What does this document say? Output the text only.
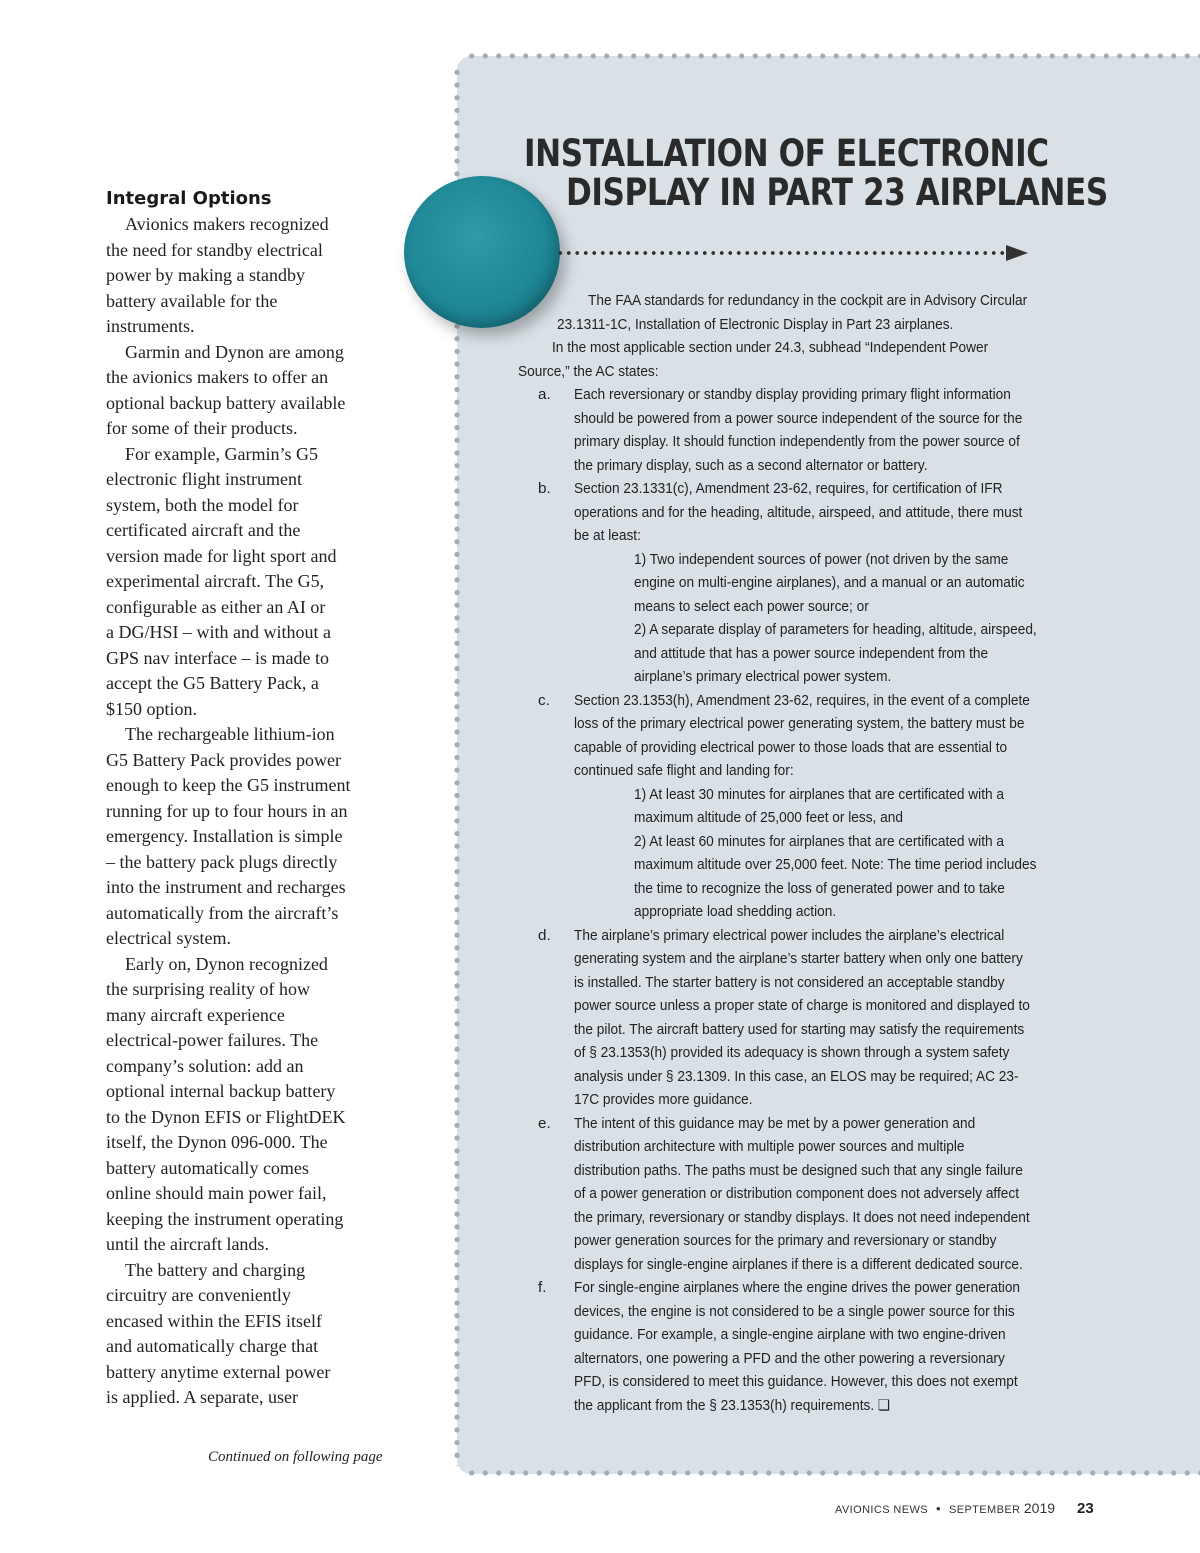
INSTALLATION OF ELECTRONIC
DISPLAY IN PART 23 AIRPLANES
The FAA standards for redundancy in the cockpit are in Advisory Circular
23.1311-1C, Installation of Electronic Display in Part 23 airplanes.
In the most applicable section under 24.3, subhead “Independent Power
Source,” the AC states:
a. Each reversionary or standby display providing primary flight information
should be powered from a power source independent of the source for the
primary display. It should function independently from the power source of
the primary display, such as a second alternator or battery.
b. Section 23.1331(c), Amendment 23-62, requires, for certification of IFR
operations and for the heading, altitude, airspeed, and attitude, there must
be at least:
1) Two independent sources of power (not driven by the same
engine on multi-engine airplanes), and a manual or an automatic
means to select each power source; or
2) A separate display of parameters for heading, altitude, airspeed,
and attitude that has a power source independent from the
airplane’s primary electrical power system.
c. Section 23.1353(h), Amendment 23-62, requires, in the event of a complete
loss of the primary electrical power generating system, the battery must be
capable of providing electrical power to those loads that are essential to
continued safe flight and landing for:
1) At least 30 minutes for airplanes that are certificated with a
maximum altitude of 25,000 feet or less, and
2) At least 60 minutes for airplanes that are certificated with a
maximum altitude over 25,000 feet. Note: The time period includes
the time to recognize the loss of generated power and to take
appropriate load shedding action.
d. The airplane’s primary electrical power includes the airplane’s electrical
generating system and the airplane’s starter battery when only one battery
is installed. The starter battery is not considered an acceptable standby
power source unless a proper state of charge is monitored and displayed to
the pilot. The aircraft battery used for starting may satisfy the requirements
of § 23.1353(h) provided its adequacy is shown through a system safety
analysis under § 23.1309. In this case, an ELOS may be required; AC 23-
17C provides more guidance.
e. The intent of this guidance may be met by a power generation and
distribution architecture with multiple power sources and multiple
distribution paths. The paths must be designed such that any single failure
of a power generation or distribution component does not adversely affect
the primary, reversionary or standby displays. It does not need independent
power generation sources for the primary and reversionary or standby
displays for single-engine airplanes if there is a different dedicated source.
f. For single-engine airplanes where the engine drives the power generation
devices, the engine is not considered to be a single power source for this
guidance. For example, a single-engine airplane with two engine-driven
alternators, one powering a PFD and the other powering a reversionary
PFD, is considered to meet this guidance. However, this does not exempt
the applicant from the § 23.1353(h) requirements. ❏
Integral Options
Avionics makers recognized
the need for standby electrical
power by making a standby
battery available for the
instruments.
Garmin and Dynon are among
the avionics makers to offer an
optional backup battery available
for some of their products.
For example, Garmin’s G5
electronic flight instrument
system, both the model for
certificated aircraft and the
version made for light sport and
experimental aircraft. The G5,
configurable as either an AI or
a DG/HSI – with and without a
GPS nav interface – is made to
accept the G5 Battery Pack, a
$150 option.
The rechargeable lithium-ion
G5 Battery Pack provides power
enough to keep the G5 instrument
running for up to four hours in an
emergency. Installation is simple
– the battery pack plugs directly
into the instrument and recharges
automatically from the aircraft’s
electrical system.
Early on, Dynon recognized
the surprising reality of how
many aircraft experience
electrical-power failures. The
company’s solution: add an
optional internal backup battery
to the Dynon EFIS or FlightDEK
itself, the Dynon 096-000. The
battery automatically comes
online should main power fail,
keeping the instrument operating
until the aircraft lands.
The battery and charging
circuitry are conveniently
encased within the EFIS itself
and automatically charge that
battery anytime external power
is applied. A separate, user
Continued on following page
AVIONICS NEWS • SEPTEMBER 2019 23
